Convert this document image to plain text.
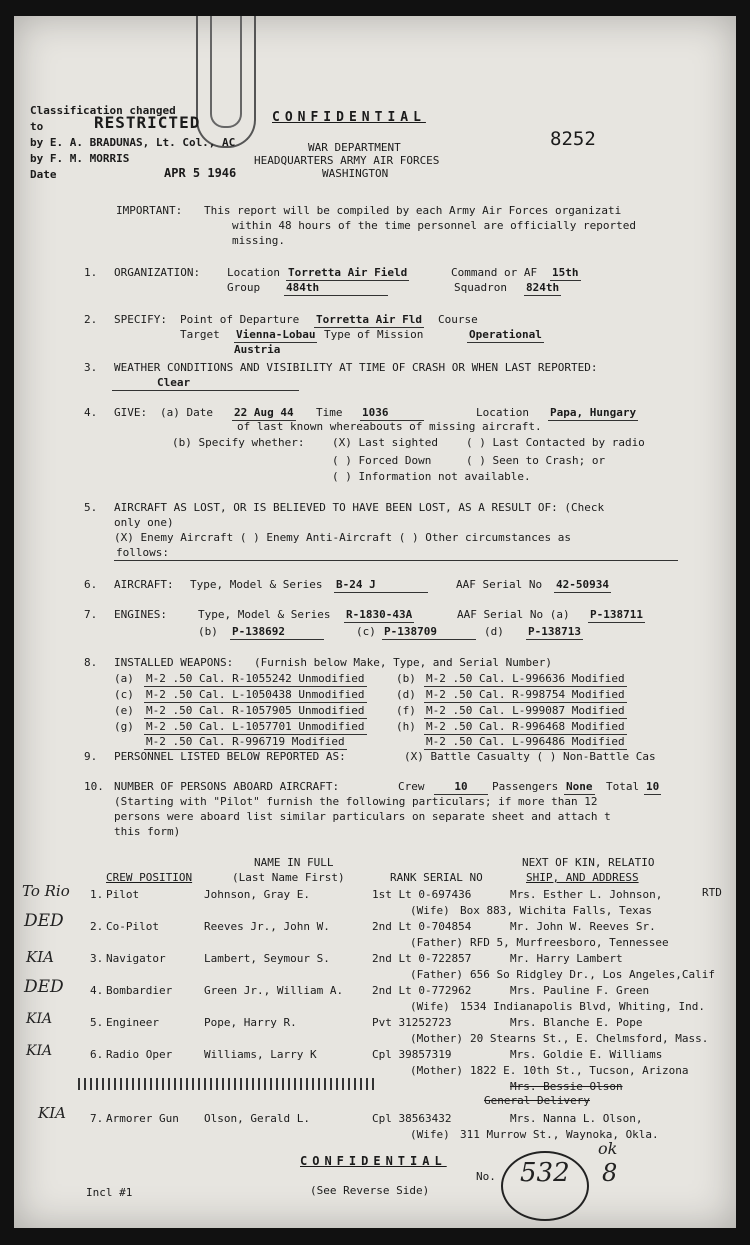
Classification changed
to
by E. A. BRADUNAS, Lt. Col., AC
by F. M. MORRIS
Date
RESTRICTED
APR 5 1946
CONFIDENTIAL
8252
WAR DEPARTMENT
HEADQUARTERS ARMY AIR FORCES
WASHINGTON
IMPORTANT: This report will be compiled by each Army Air Forces organizati
within 48 hours of the time personnel are officially reported
missing.
1. ORGANIZATION: Location Torretta Air Field	Command or AF 15th
Group 484th	Squadron 824th
2. SPECIFY: Point of Departure Torretta Air Fld Course
Target Vienna-Lobau Type of Mission	Operational
Austria
3. WEATHER CONDITIONS AND VISIBILITY AT TIME OF CRASH OR WHEN LAST REPORTED:
Clear
4. GIVE: (a) Date 22 Aug 44 Time 1036	Location Papa, Hungary
of last known whereabouts of missing aircraft.
(b) Specify whether:	(X) Last sighted	( ) Last Contacted by radio
( ) Forced Down	( ) Seen to Crash; or
( ) Information not available.
5. AIRCRAFT AS LOST, OR IS BELIEVED TO HAVE BEEN LOST, AS A RESULT OF: (Check
only one)
(X) Enemy Aircraft ( ) Enemy Anti-Aircraft ( ) Other circumstances as
follows:
6. AIRCRAFT: Type, Model & Series B-24 J	AAF Serial No 42-50934
7. ENGINES:	Type, Model & Series R-1830-43A	AAF Serial No (a) P-138711
(b) P-138692	(c) P-138709	(d) P-138713
8. INSTALLED WEAPONS: (Furnish below Make, Type, and Serial Number)
(a) M-2 .50 Cal. R-1055242 Unmodified	(b) M-2 .50 Cal. L-996636 Modified
(c) M-2 .50 Cal. L-1050438 Unmodified	(d) M-2 .50 Cal. R-998754 Modified
(e) M-2 .50 Cal. R-1057905 Unmodified	(f) M-2 .50 Cal. L-999087 Modified
(g) M-2 .50 Cal. L-1057701 Unmodified	(h) M-2 .50 Cal. R-996468 Modified
M-2 .50 Cal. R-996719 Modified	M-2 .50 Cal. L-996486 Modified
9. PERSONNEL LISTED BELOW REPORTED AS:	(X) Battle Casualty ( ) Non-Battle Cas
10. NUMBER OF PERSONS ABOARD AIRCRAFT:	Crew	10	Passengers None Total 10
(Starting with "Pilot" furnish the following particulars; if more than 12
persons were aboard list similar particulars on separate sheet and attach t
this form)
NAME IN FULL	NEXT OF KIN, RELATIO
CREW POSITION	(Last Name First)	RANK SERIAL NO	SHIP, AND ADDRESS
To Rio 1. Pilot	Johnson, Gray E.	1st Lt 0-697436	Mrs. Esther L. Johnson,	RTD
(Wife) Box 883, Wichita Falls, Texas
DED 2. Co-Pilot	Reeves Jr., John W.	2nd Lt 0-704854	Mr. John W. Reeves Sr.
(Father) RFD 5, Murfreesboro, Tennessee
KIA	3. Navigator	Lambert, Seymour S.	2nd Lt 0-722857	Mr. Harry Lambert
(Father) 656 So Ridgley Dr., Los Angeles,Calif
DED 4. Bombardier	Green Jr., William A.	2nd Lt 0-772962	Mrs. Pauline F. Green
(Wife) 1534 Indianapolis Blvd, Whiting, Ind.
KIA	5. Engineer	Pope, Harry R.	Pvt 31252723	Mrs. Blanche E. Pope
(Mother) 20 Stearns St., E. Chelmsford, Mass.
KIA	6. Radio Oper	Williams, Larry K	Cpl 39857319	Mrs. Goldie E. Williams
(Mother) 1822 E. 10th St., Tucson, Arizona
Mrs. Bessie Olson
General Delivery
KIA 7. Armorer Gun Olson, Gerald L.	Cpl 38563432	Mrs. Nanna L. Olson,
(Wife) 311 Murrow St., Waynoka, Okla.
CONFIDENTIAL
No. 532
ok
8
Incl #1	(See Reverse Side)
